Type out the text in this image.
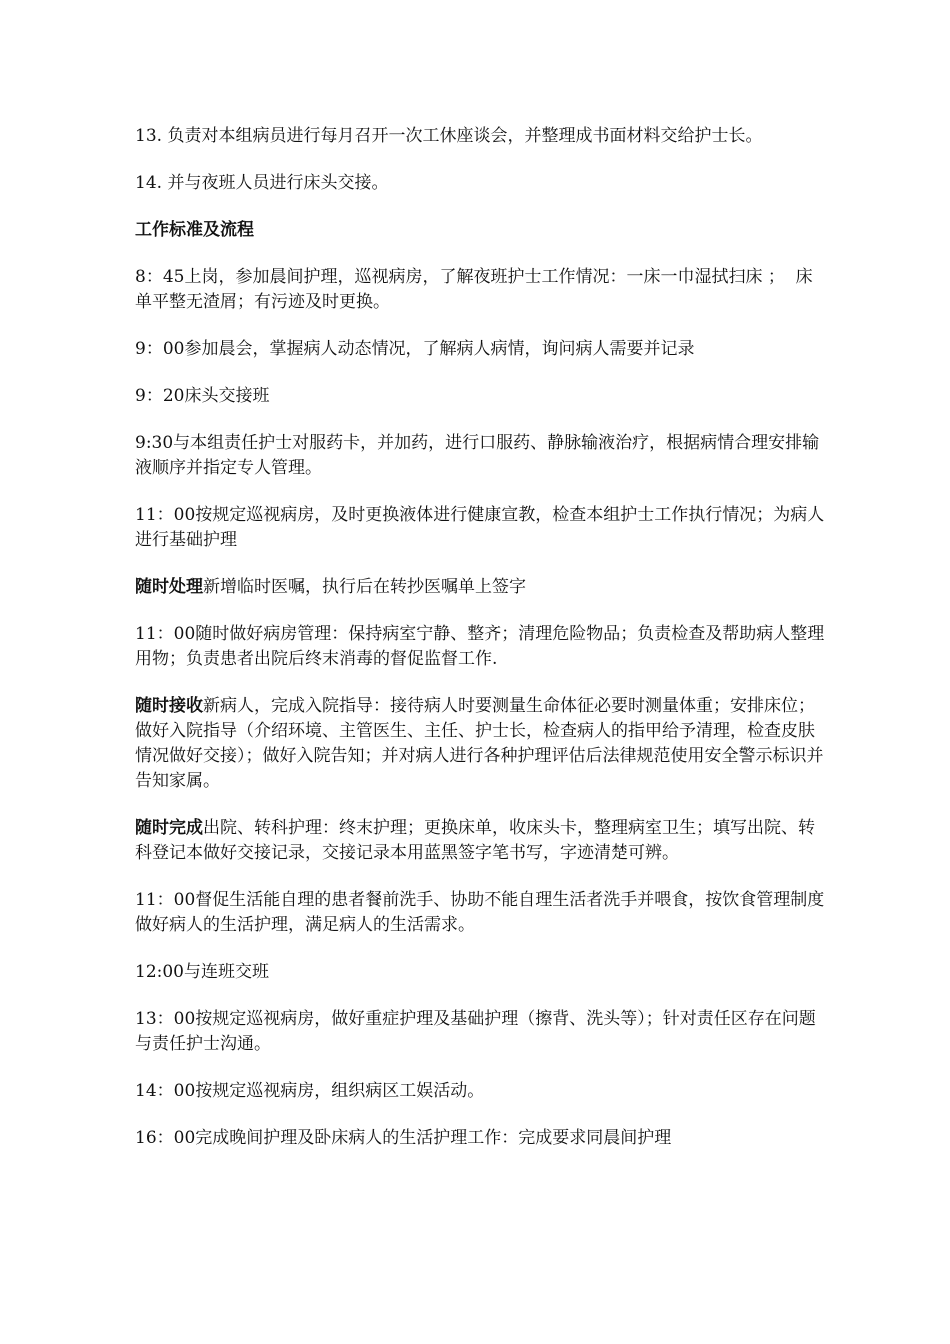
13. 负责对本组病员进行每月召开一次工休座谈会，并整理成书面材料交给护士长。

14. 并与夜班人员进行床头交接。

工作标准及流程

8：45上岗，参加晨间护理，巡视病房，了解夜班护士工作情况：一床一巾湿拭扫床 ；  床单平整无渣屑；有污迹及时更换。

9：00参加晨会，掌握病人动态情况，了解病人病情，询问病人需要并记录

9：20床头交接班

9:30与本组责任护士对服药卡，并加药，进行口服药、静脉输液治疗，根据病情合理安排输液顺序并指定专人管理。

11：00按规定巡视病房，及时更换液体进行健康宣教，检查本组护士工作执行情况；为病人进行基础护理

随时处理新增临时医嘱，执行后在转抄医嘱单上签字

11：00随时做好病房管理：保持病室宁静、整齐；清理危险物品；负责检查及帮助病人整理用物；负责患者出院后终末消毒的督促监督工作.

随时接收新病人，完成入院指导：接待病人时要测量生命体征必要时测量体重；安排床位；做好入院指导（介绍环境、主管医生、主任、护士长，检查病人的指甲给予清理，检查皮肤情况做好交接）；做好入院告知；并对病人进行各种护理评估后法律规范使用安全警示标识并告知家属。

随时完成出院、转科护理：终末护理；更换床单，收床头卡，整理病室卫生；填写出院、转科登记本做好交接记录，交接记录本用蓝黑签字笔书写，字迹清楚可辨。

11：00督促生活能自理的患者餐前洗手、协助不能自理生活者洗手并喂食，按饮食管理制度做好病人的生活护理，满足病人的生活需求。

12:00与连班交班

13：00按规定巡视病房，做好重症护理及基础护理（擦背、洗头等）；针对责任区存在问题与责任护士沟通。

14：00按规定巡视病房，组织病区工娱活动。

16：00完成晚间护理及卧床病人的生活护理工作：完成要求同晨间护理
